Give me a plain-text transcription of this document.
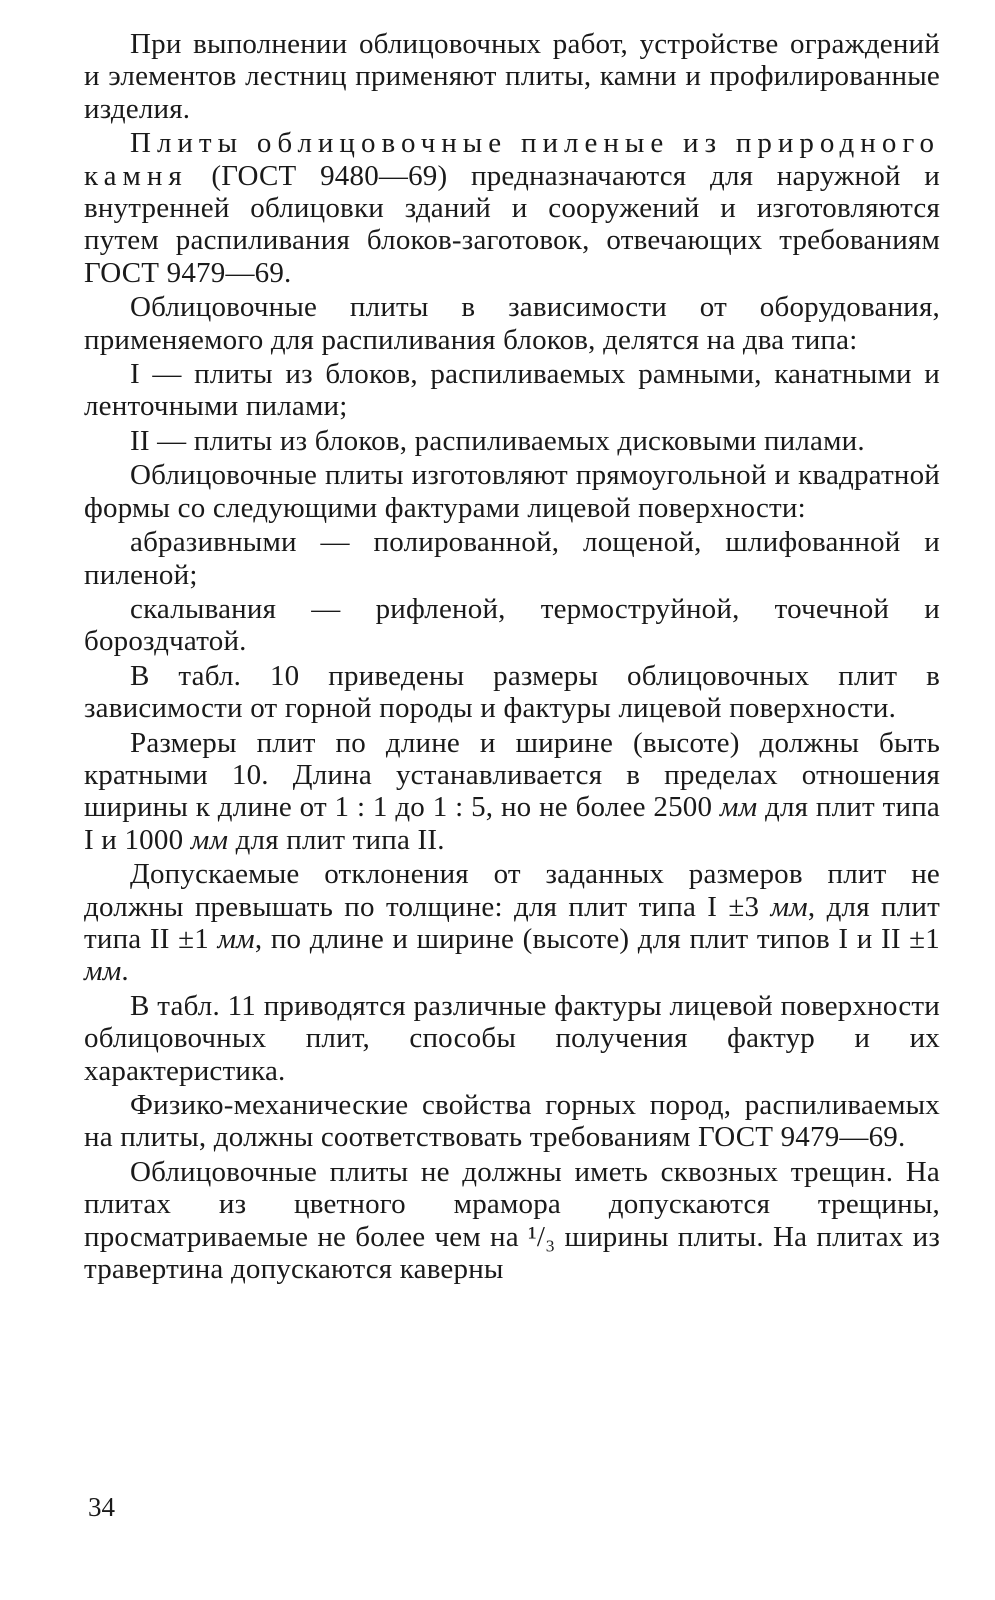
При выполнении облицовочных работ, устройстве ограждений и элементов лестниц применяют плиты, камни и профилированные изделия.

Плиты облицовочные пиленые из природного камня (ГОСТ 9480—69) предназначаются для наружной и внутренней облицовки зданий и сооружений и изготовляются путем распиливания блоков-заготовок, отвечающих требованиям ГОСТ 9479—69.

Облицовочные плиты в зависимости от оборудования, применяемого для распиливания блоков, делятся на два типа:

I — плиты из блоков, распиливаемых рамными, канатными и ленточными пилами;

II — плиты из блоков, распиливаемых дисковыми пилами.

Облицовочные плиты изготовляют прямоугольной и квадратной формы со следующими фактурами лицевой поверхности:

абразивными — полированной, лощеной, шлифованной и пиленой;

скалывания — рифленой, термоструйной, точечной и бороздчатой.

В табл. 10 приведены размеры облицовочных плит в зависимости от горной породы и фактуры лицевой поверхности.

Размеры плит по длине и ширине (высоте) должны быть кратными 10. Длина устанавливается в пределах отношения ширины к длине от 1 : 1 до 1 : 5, но не более 2500 мм для плит типа I и 1000 мм для плит типа II.

Допускаемые отклонения от заданных размеров плит не должны превышать по толщине: для плит типа I ±3 мм, для плит типа II ±1 мм, по длине и ширине (высоте) для плит типов I и II ±1 мм.

В табл. 11 приводятся различные фактуры лицевой поверхности облицовочных плит, способы получения фактур и их характеристика.

Физико-механические свойства горных пород, распиливаемых на плиты, должны соответствовать требованиям ГОСТ 9479—69.

Облицовочные плиты не должны иметь сквозных трещин. На плитах из цветного мрамора допускаются трещины, просматриваемые не более чем на ¹/₃ ширины плиты. На плитах из травертина допускаются каверны

34
